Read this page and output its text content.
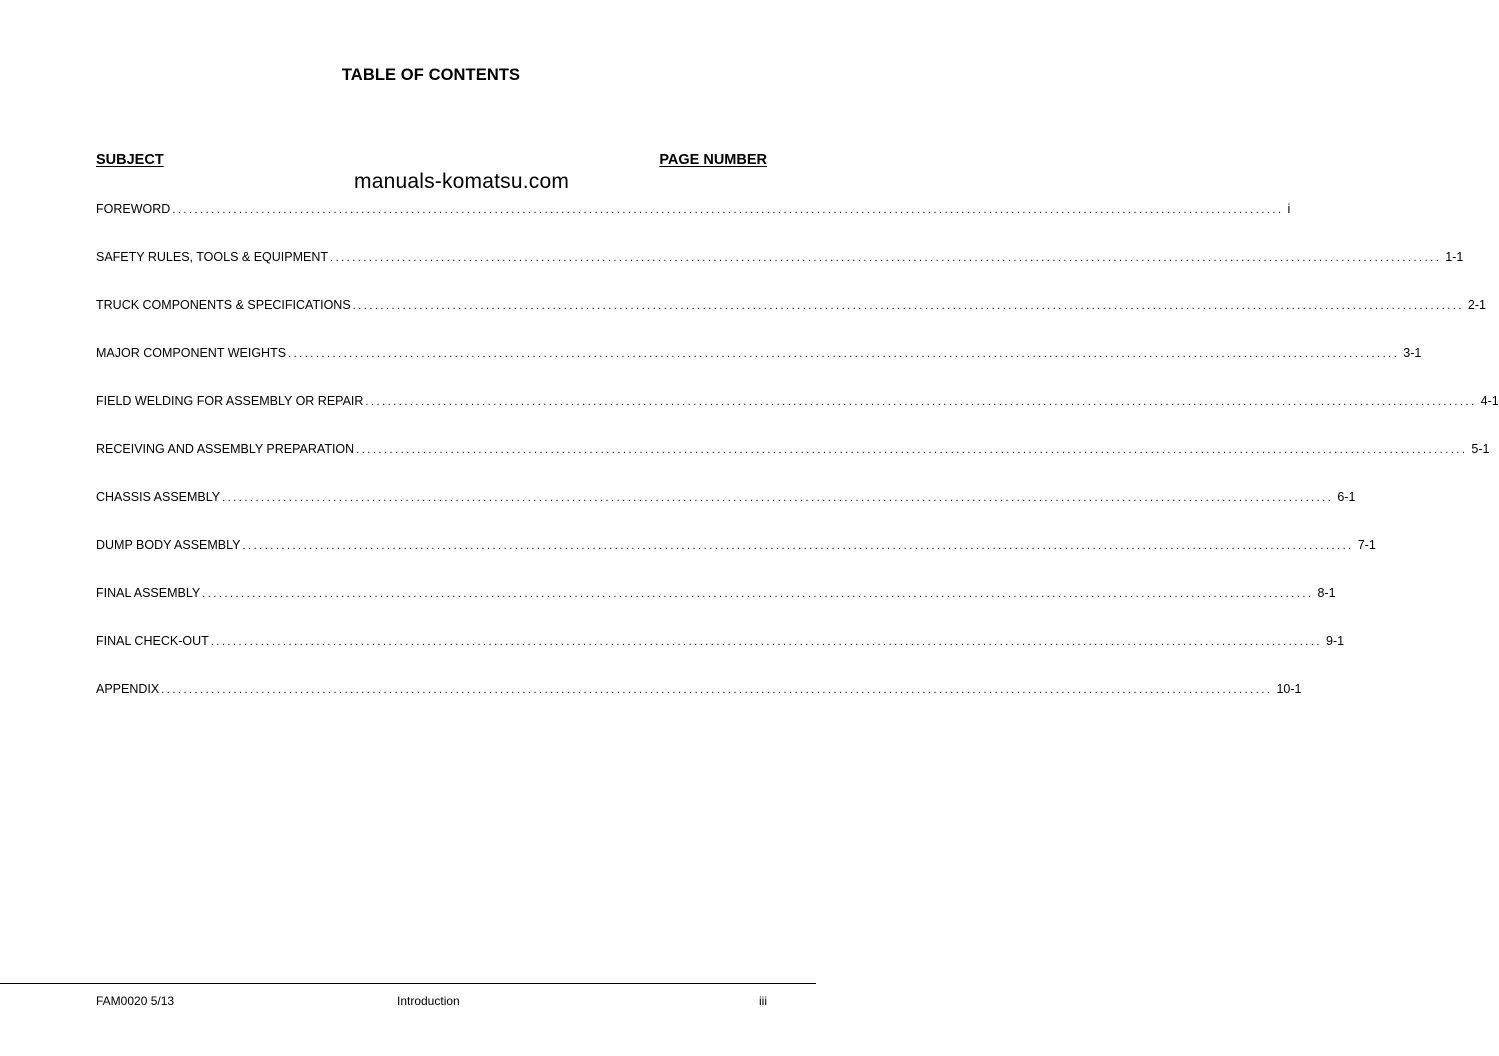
TABLE OF CONTENTS
SUBJECT	PAGE NUMBER
manuals-komatsu.com
FOREWORD ........................................................................................................................................................................................................ i
SAFETY RULES, TOOLS & EQUIPMENT ........................................................................................................................................................................................................ 1-1
TRUCK COMPONENTS & SPECIFICATIONS ........................................................................................................................................................................................................ 2-1
MAJOR COMPONENT WEIGHTS ........................................................................................................................................................................................................ 3-1
FIELD WELDING FOR ASSEMBLY OR REPAIR ........................................................................................................................................................................................................ 4-1
RECEIVING AND ASSEMBLY PREPARATION ........................................................................................................................................................................................................ 5-1
CHASSIS ASSEMBLY ........................................................................................................................................................................................................ 6-1
DUMP BODY ASSEMBLY ........................................................................................................................................................................................................ 7-1
FINAL ASSEMBLY ........................................................................................................................................................................................................ 8-1
FINAL CHECK-OUT ........................................................................................................................................................................................................ 9-1
APPENDIX ........................................................................................................................................................................................................ 10-1
FAM0020 5/13	Introduction	iii
